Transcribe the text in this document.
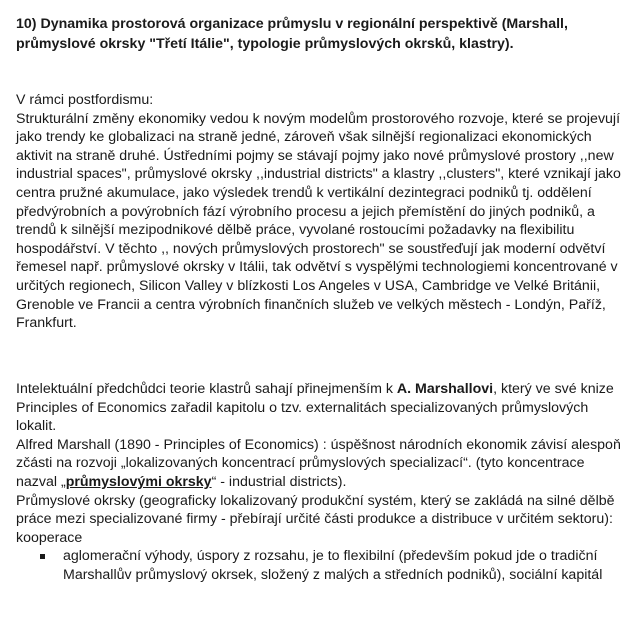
10) Dynamika prostorová organizace průmyslu v regionální perspektivě (Marshall, průmyslové okrsky "Třetí Itálie", typologie průmyslových okrsků, klastry).
V rámci postfordismu:
Strukturální změny ekonomiky vedou k novým modelům prostorového rozvoje, které se projevují jako trendy ke globalizaci na straně jedné, zároveň však silnější regionalizaci ekonomických aktivit na straně druhé. Ústředními pojmy se stávají pojmy jako nové průmyslové prostory ,,new industrial spaces", průmyslové okrsky ,,industrial districts" a klastry ,,clusters", které vznikají jako centra pružné akumulace, jako výsledek trendů k vertikální dezintegraci podniků tj. oddělení předvýrobních a povýrobních fází výrobního procesu a jejich přemístění do jiných podniků, a trendů k silnější mezipodnikové dělbě práce, vyvolané rostoucími požadavky na flexibilitu hospodářství. V těchto ,, nových průmyslových prostorech" se soustřeďují jak moderní odvětví řemesel např. průmyslové okrsky v Itálii, tak odvětví s vyspělými technologiemi koncentrované v určitých regionech, Silicon Valley v blízkosti Los Angeles v USA, Cambridge ve Velké Británii, Grenoble ve Francii a centra výrobních finančních služeb ve velkých městech - Londýn, Paříž, Frankfurt.

Intelektuální předchůdci teorie klastrů sahají přinejmenším k A. Marshallovi, který ve své knize Principles of Economics zařadil kapitolu o tzv. externalitách specializovaných průmyslových lokalit.

Alfred Marshall (1890 - Principles of Economics) : úspěšnost národních ekonomik závisí alespoň zčásti na rozvoji „lokalizovaných koncentrací průmyslových specializací“. (tyto koncentrace nazval „průmyslovými okrsky“ - industrial districts).

Průmyslové okrsky (geograficky lokalizovaný produkční systém, který se zakládá na silné dělbě práce mezi specializované firmy - přebírají určité části produkce a distribuce v určitém sektoru): kooperace

aglomerační výhody, úspory z rozsahu, je to flexibilní (především pokud jde o tradiční Marshallův průmyslový okrsek, složený z malých a středních podniků), sociální kapitál
